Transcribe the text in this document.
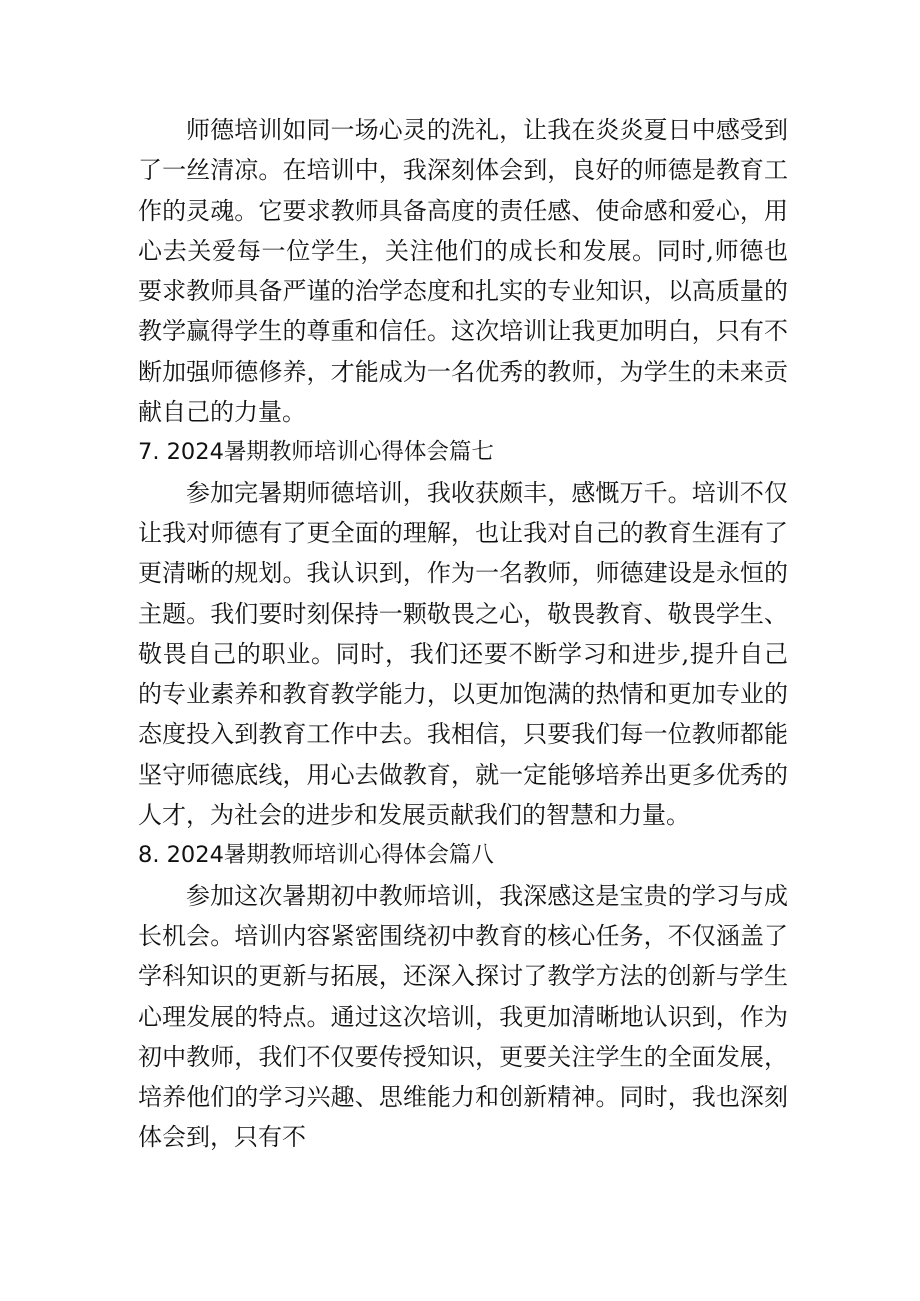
师德培训如同一场心灵的洗礼，让我在炎炎夏日中感受到了一丝清凉。在培训中，我深刻体会到，良好的师德是教育工作的灵魂。它要求教师具备高度的责任感、使命感和爱心，用心去关爱每一位学生，关注他们的成长和发展。同时,师德也要求教师具备严谨的治学态度和扎实的专业知识，以高质量的教学赢得学生的尊重和信任。这次培训让我更加明白，只有不断加强师德修养，才能成为一名优秀的教师，为学生的未来贡献自己的力量。

7. 2024暑期教师培训心得体会篇七

参加完暑期师德培训，我收获颇丰，感慨万千。培训不仅让我对师德有了更全面的理解，也让我对自己的教育生涯有了更清晰的规划。我认识到，作为一名教师，师德建设是永恒的主题。我们要时刻保持一颗敬畏之心，敬畏教育、敬畏学生、敬畏自己的职业。同时，我们还要不断学习和进步,提升自己的专业素养和教育教学能力，以更加饱满的热情和更加专业的态度投入到教育工作中去。我相信，只要我们每一位教师都能坚守师德底线，用心去做教育，就一定能够培养出更多优秀的人才，为社会的进步和发展贡献我们的智慧和力量。

8. 2024暑期教师培训心得体会篇八

参加这次暑期初中教师培训，我深感这是宝贵的学习与成长机会。培训内容紧密围绕初中教育的核心任务，不仅涵盖了学科知识的更新与拓展，还深入探讨了教学方法的创新与学生心理发展的特点。通过这次培训，我更加清晰地认识到，作为初中教师，我们不仅要传授知识，更要关注学生的全面发展，培养他们的学习兴趣、思维能力和创新精神。同时，我也深刻体会到，只有不
